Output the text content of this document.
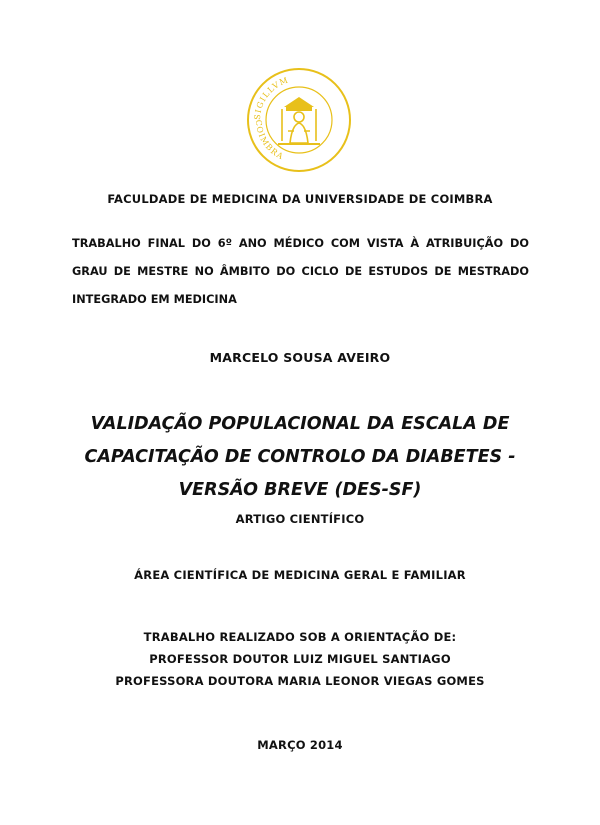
SIGILLVM
COIMBRA
FACULDADE DE MEDICINA DA UNIVERSIDADE DE COIMBRA
TRABALHO FINAL DO 6º ANO MÉDICO COM VISTA À ATRIBUIÇÃO DO
GRAU DE MESTRE NO ÂMBITO DO CICLO DE ESTUDOS DE MESTRADO
INTEGRADO EM MEDICINA
MARCELO SOUSA AVEIRO
VALIDAÇÃO POPULACIONAL DA ESCALA DE
CAPACITAÇÃO DE CONTROLO DA DIABETES -
VERSÃO BREVE (DES-SF)
ARTIGO CIENTÍFICO
ÁREA CIENTÍFICA DE MEDICINA GERAL E FAMILIAR
TRABALHO REALIZADO SOB A ORIENTAÇÃO DE:
PROFESSOR DOUTOR LUIZ MIGUEL SANTIAGO
PROFESSORA DOUTORA MARIA LEONOR VIEGAS GOMES
MARÇO 2014
